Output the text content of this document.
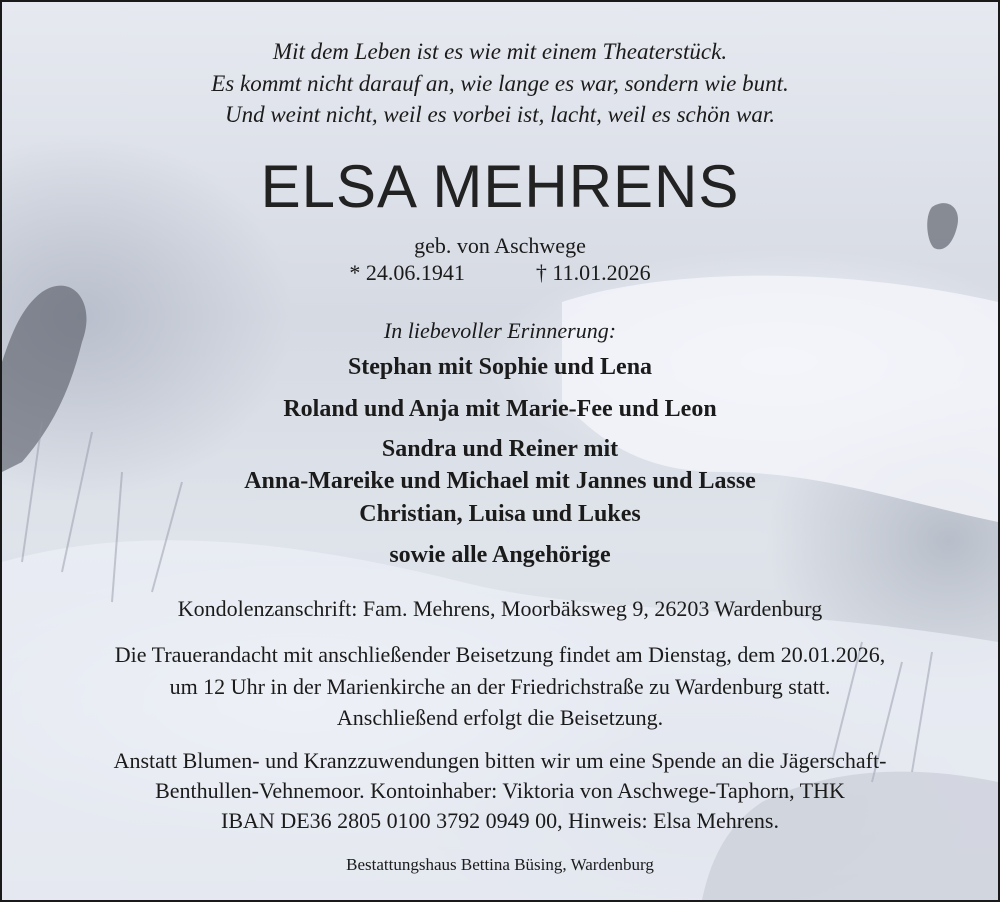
Mit dem Leben ist es wie mit einem Theaterstück.
Es kommt nicht darauf an, wie lange es war, sondern wie bunt.
Und weint nicht, weil es vorbei ist, lacht, weil es schön war.
ELSA MEHRENS
geb. von Aschwege
* 24.06.1941	† 11.01.2026
In liebevoller Erinnerung:
Stephan mit Sophie und Lena
Roland und Anja mit Marie-Fee und Leon
Sandra und Reiner mit
Anna-Mareike und Michael mit Jannes und Lasse
Christian, Luisa und Lukes
sowie alle Angehörige
Kondolenzanschrift: Fam. Mehrens, Moorbäksweg 9, 26203 Wardenburg
Die Trauerandacht mit anschließender Beisetzung findet am Dienstag, dem 20.01.2026,
um 12 Uhr in der Marienkirche an der Friedrichstraße zu Wardenburg statt.
Anschließend erfolgt die Beisetzung.
Anstatt Blumen- und Kranzzuwendungen bitten wir um eine Spende an die Jägerschaft-
Benthullen-Vehnemoor. Kontoinhaber: Viktoria von Aschwege-Taphorn, THK
IBAN DE36 2805 0100 3792 0949 00, Hinweis: Elsa Mehrens.
Bestattungshaus Bettina Büsing, Wardenburg
